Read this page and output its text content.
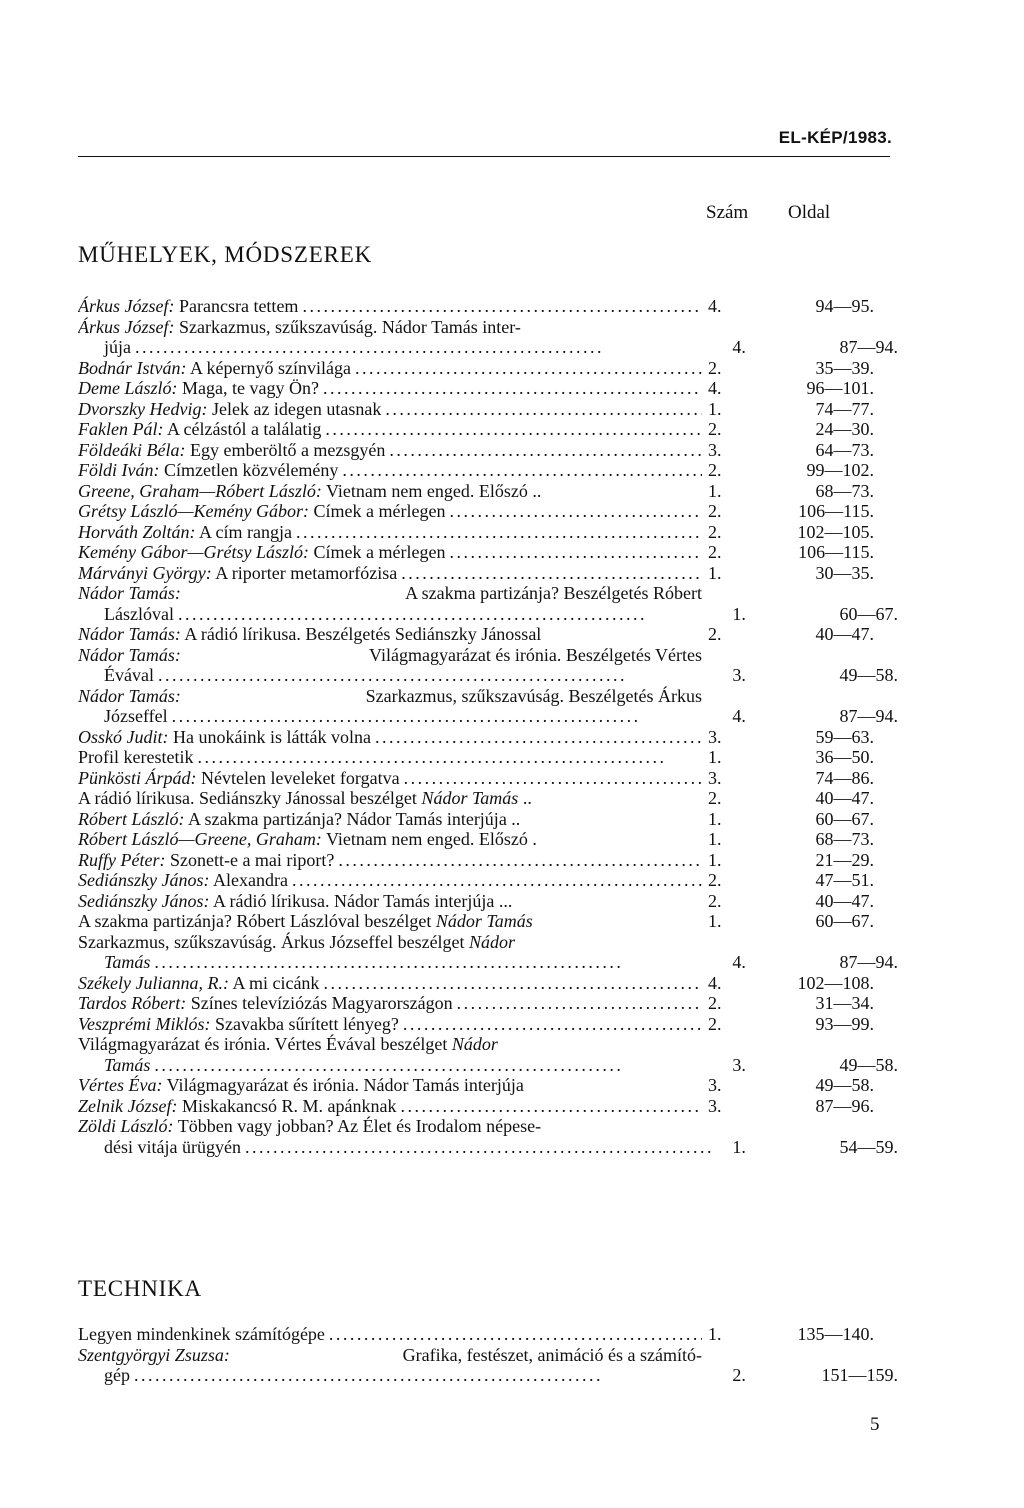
EL-KÉP/1983.
Szám Oldal
MŰHELYEK, MÓDSZEREK
Árkus József: Parancsra tettem . . .	4.	94—95.
Árkus József: Szarkazmus, szűkszavúság. Nádor Tamás inter-
jújа . . .	4.	87—94.
Bodnár István: A képernyő színvilága . . .	2.	35—39.
Deme László: Maga, te vagy Ön? . . .	4.	96—101.
Dvorszky Hedvig: Jelek az idegen utasnak . . .	1.	74—77.
Faklen Pál: A célzástól a találatig . . .	2.	24—30.
Földeáki Béla: Egy emberöltő a mezsgyén . . .	3.	64—73.
Földi Iván: Címzetlen közvélemény . . .	2.	99—102.
Greene, Graham—Róbert László: Vietnam nem enged. Előszó ..	1.	68—73.
Grétsy László—Kemény Gábor: Címek a mérlegen . . .	2.	106—115.
Horváth Zoltán: A cím rangja . . .	2.	102—105.
Kemény Gábor—Grétsy László: Címek a mérlegen . . .	2.	106—115.
Márványi György: A riporter metamorfózisa . . .	1.	30—35.
Nádor Tamás:	A szakma partizánja? Beszélgetés Róbert
Lászlóval . . .	1.	60—67.
Nádor Tamás: A rádió lírikusa. Beszélgetés Sediánszky Jánossal	2.	40—47.
Nádor Tamás:	Világmagyarázat és irónia. Beszélgetés Vértes
Évával . . .	3.	49—58.
Nádor Tamás:	Szarkazmus, szűkszavúság. Beszélgetés Árkus
Józseffel . . .	4.	87—94.
Osskó Judit: Ha unokáink is látták volna . . .	3.	59—63.
Profil kerestetik . . .	1.	36—50.
Pünkösti Árpád: Névtelen leveleket forgatva . . .	3.	74—86.
A rádió lírikusa. Sediánszky Jánossal beszélget Nádor Tamás ..	2.	40—47.
Róbert László: A szakma partizánja? Nádor Tamás interjúja ..	1.	60—67.
Róbert László—Greene, Graham: Vietnam nem enged. Előszó .	1.	68—73.
Ruffy Péter: Szonett-e a mai riport? . . .	1.	21—29.
Sediánszky János: Alexandra . . .	2.	47—51.
Sediánszky János: A rádió lírikusa. Nádor Tamás interjúja ...	2.	40—47.
A szakma partizánja? Róbert Lászlóval beszélget Nádor Tamás	1.	60—67.
Szarkazmus, szűkszavúság. Árkus Józseffel beszélget Nádor
Tamás . . .	4.	87—94.
Székely Julianna, R.: A mi cicánk . . .	4.	102—108.
Tardos Róbert: Színes televíziózás Magyarországon . . .	2.	31—34.
Veszprémi Miklós: Szavakba sűrített lényeg? . . .	2.	93—99.
Világmagyarázat és irónia. Vértes Évával beszélget Nádor
Tamás . . .	3.	49—58.
Vértes Éva: Világmagyarázat és irónia. Nádor Tamás interjúja	3.	49—58.
Zelnik József: Miskakancsó R. M. apánknak . . .	3.	87—96.
Zöldi László: Többen vagy jobban? Az Élet és Irodalom népese-
dési vitája ürügyén . . .	1.	54—59.
TECHNIKA
Legyen mindenkinek számítógépe . . .	1.	135—140.
Szentgyörgyi Zsuzsa:	Grafika, festészet, animáció és a számító-
gép . . .	2.	151—159.
5
